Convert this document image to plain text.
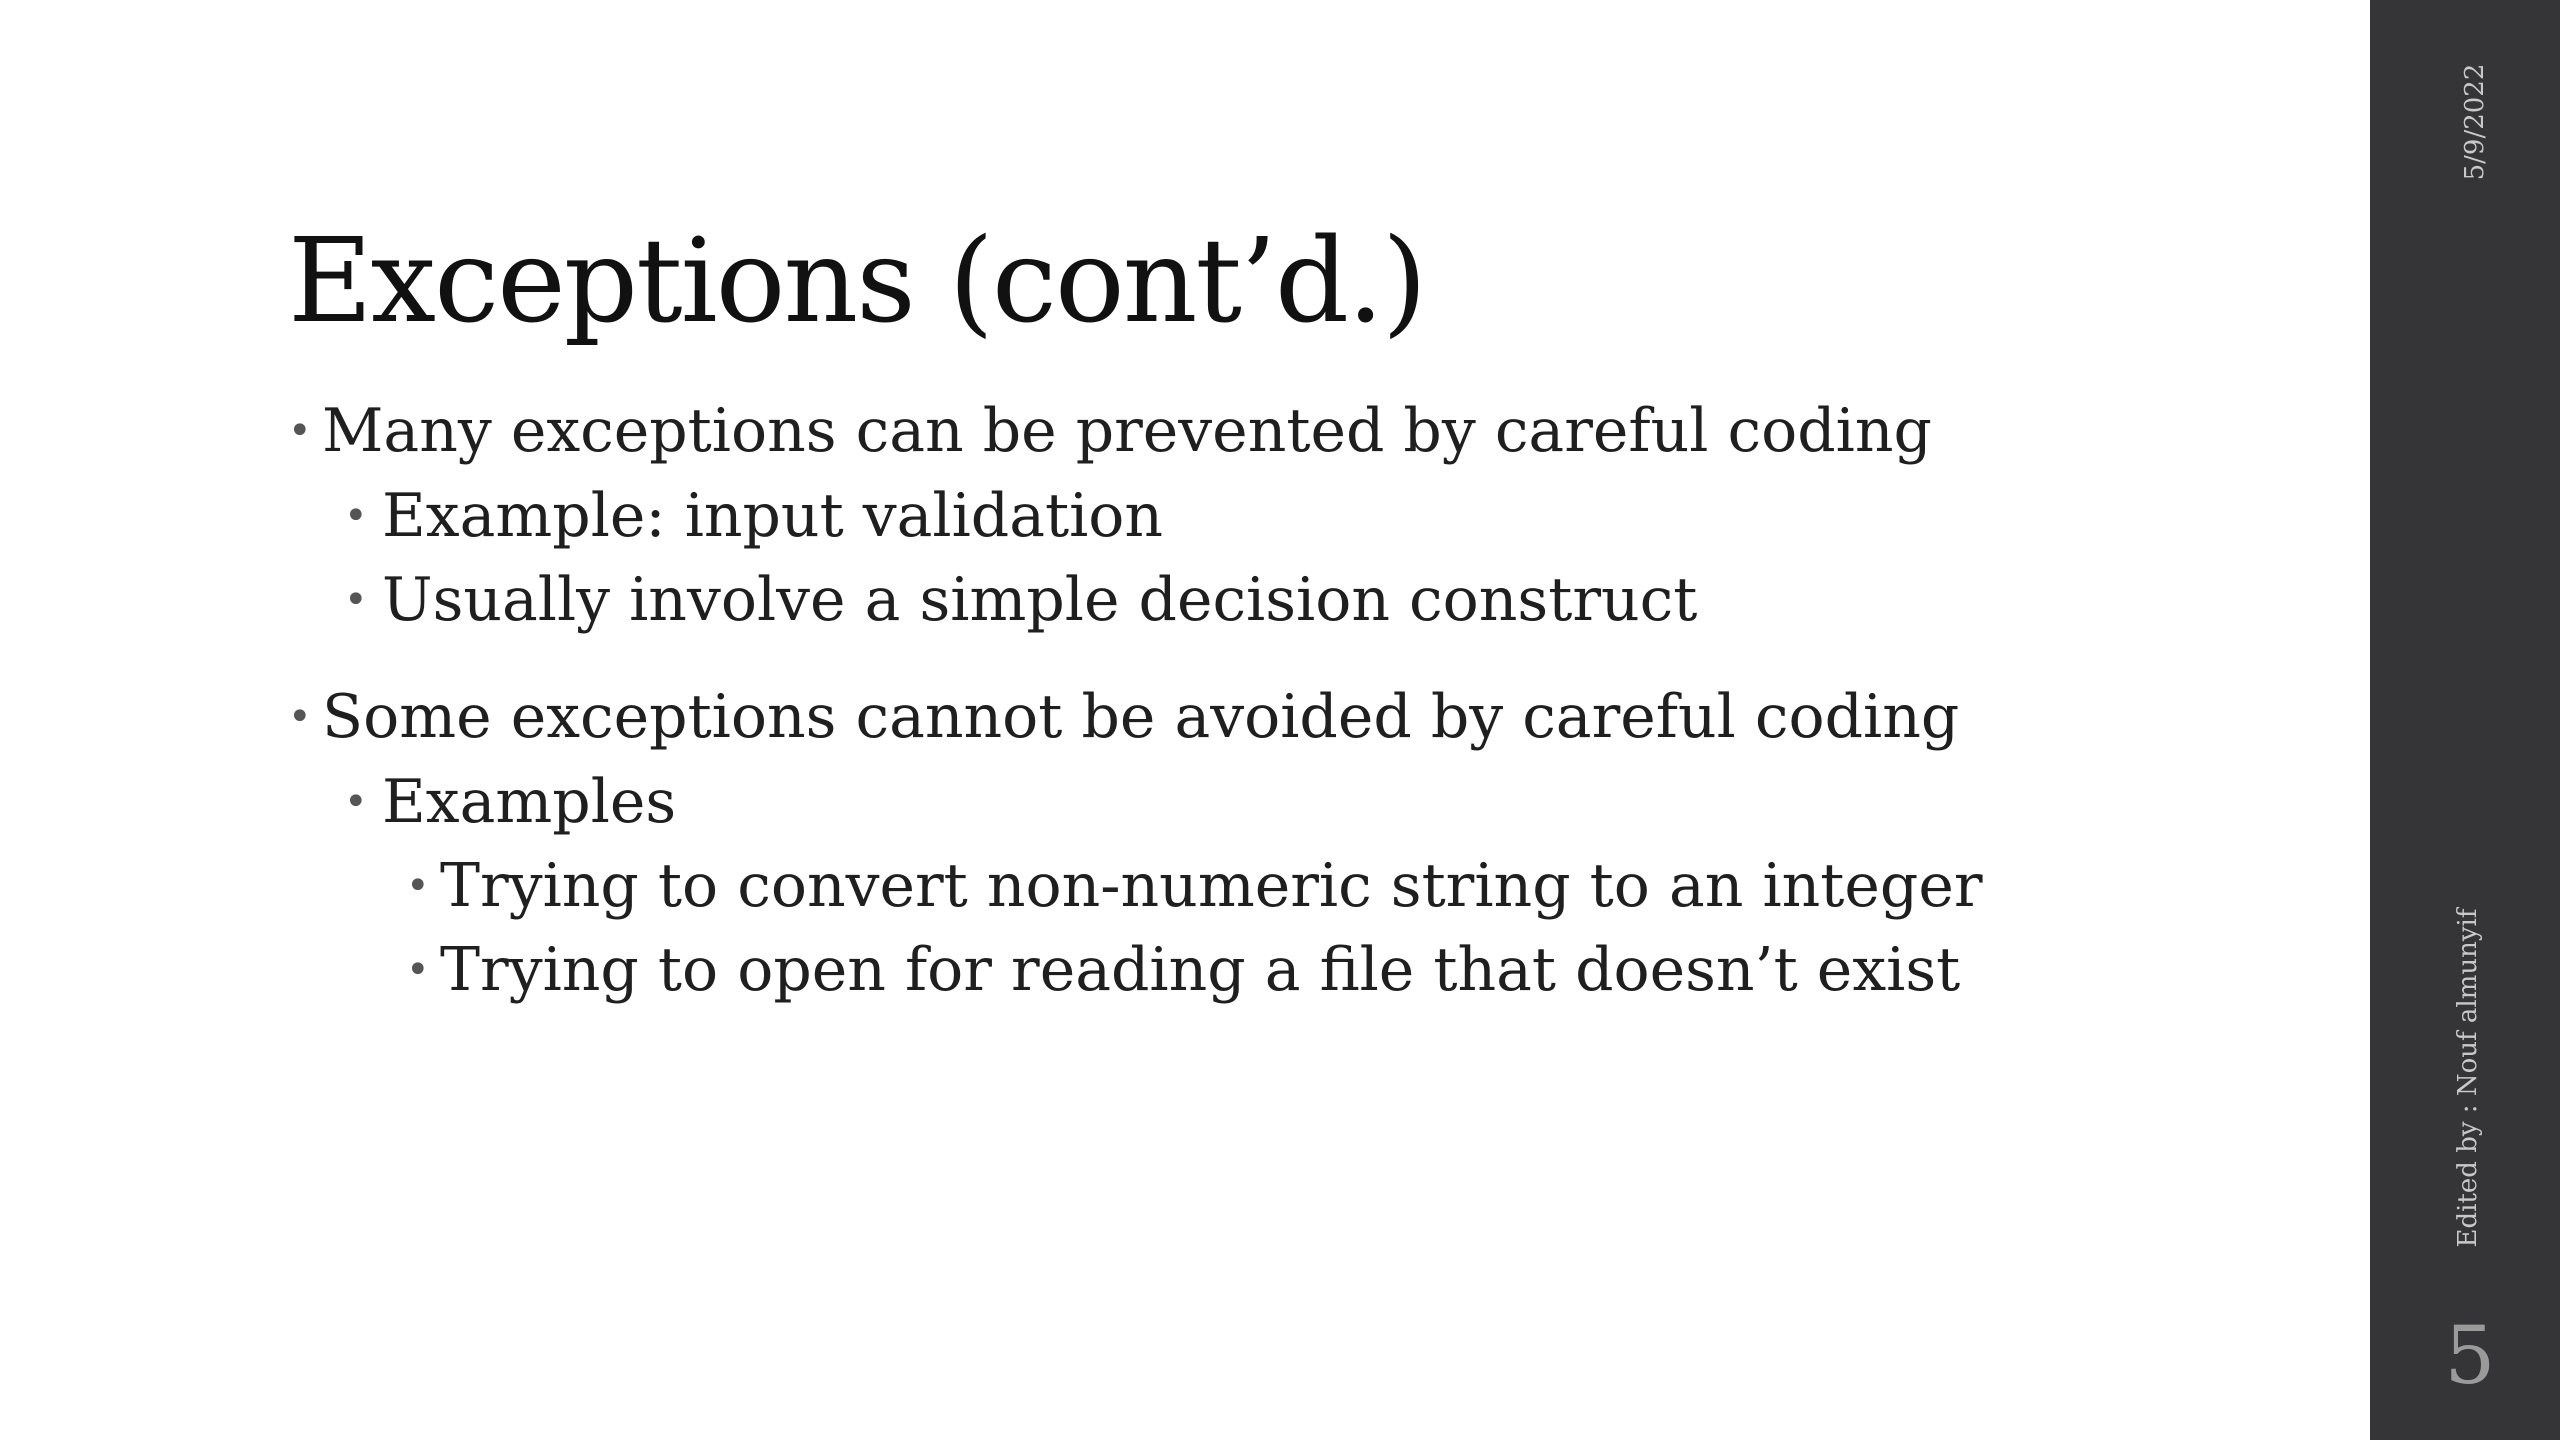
Exceptions (cont’d.)
• Many exceptions can be prevented by careful coding
• Example: input validation
• Usually involve a simple decision construct
• Some exceptions cannot be avoided by careful coding
• Examples
• Trying to convert non-numeric string to an integer
• Trying to open for reading a file that doesn’t exist
5/9/2022
Edited by : Nouf almunyif
5
